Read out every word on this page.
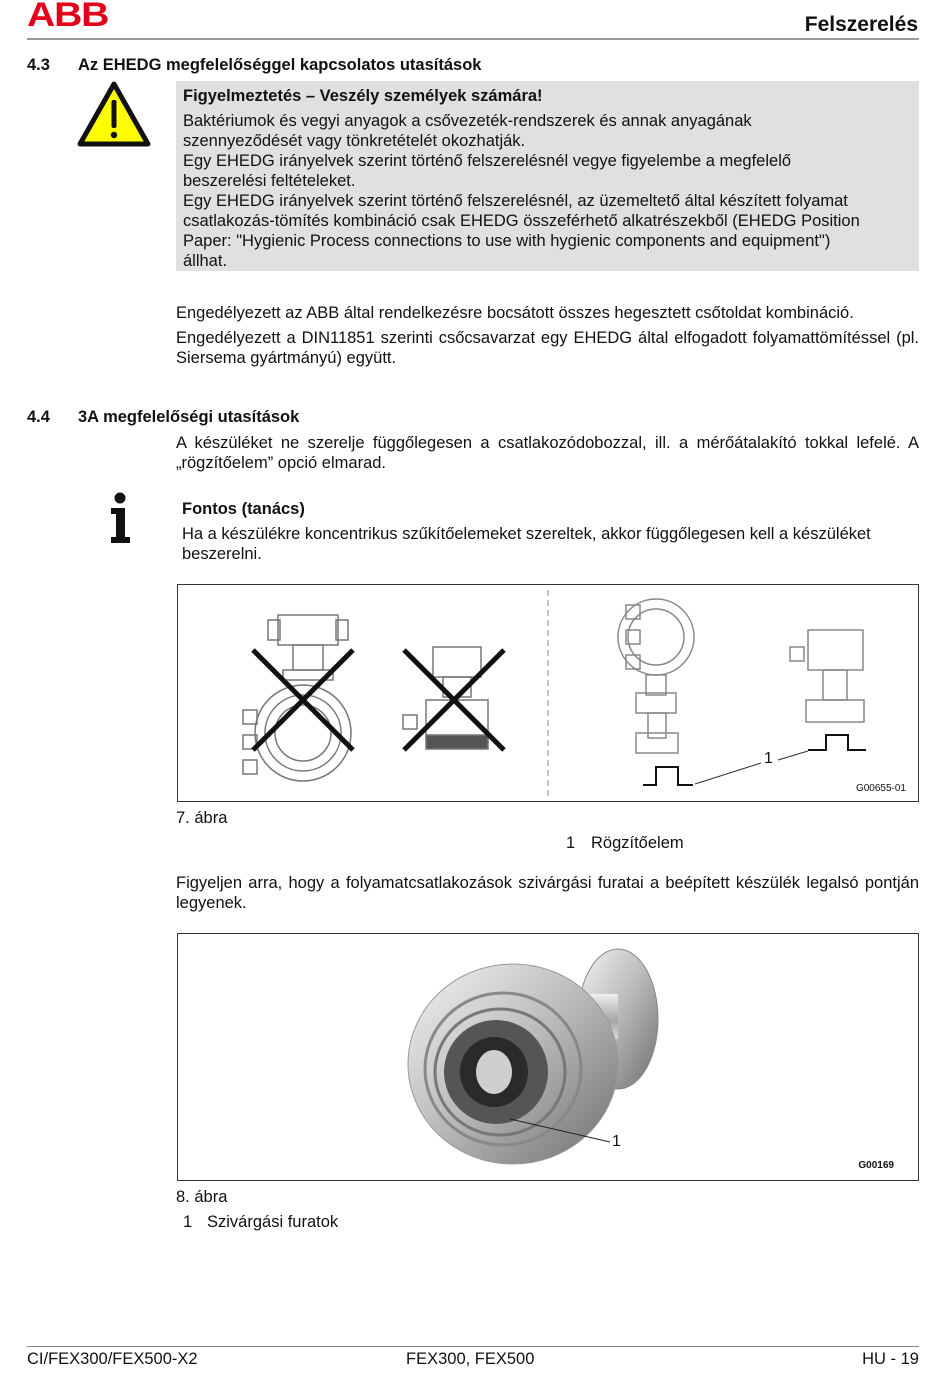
ABB	Felszerelés
4.3 Az EHEDG megfelelőséggel kapcsolatos utasítások
Figyelmeztetés – Veszély személyek számára!
Baktériumok és vegyi anyagok a csővezeték-rendszerek és annak anyagának
szennyeződését vagy tönkretételét okozhatják.
Egy EHEDG irányelvek szerint történő felszerelésnél vegye figyelembe a megfelelő
beszerelési feltételeket.
Egy EHEDG irányelvek szerint történő felszerelésnél, az üzemeltető által készített folyamat
csatlakozás-tömítés kombináció csak EHEDG összeférhető alkatrészekből (EHEDG Position
Paper: "Hygienic Process connections to use with hygienic components and equipment")
állhat.
Engedélyezett az ABB által rendelkezésre bocsátott összes hegesztett csőtoldat kombináció.
Engedélyezett a DIN11851 szerinti csőcsavarzat egy EHEDG által elfogadott folyamattömítéssel (pl. Siersema gyártmányú) együtt.
4.4 3A megfelelőségi utasítások
A készüléket ne szerelje függőlegesen a csatlakozódobozzal, ill. a mérőátalakító tokkal lefelé. A „rögzítőelem” opció elmarad.
Fontos (tanács)
Ha a készülékre koncentrikus szűkítőelemeket szereltek, akkor függőlegesen kell a készüléket beszerelni.
1
G00655-01
7. ábra
1 Rögzítőelem
Figyeljen arra, hogy a folyamatcsatlakozások szivárgási furatai a beépített készülék legalsó pontján legyenek.
1
G00169
8. ábra
1 Szivárgási furatok
CI/FEX300/FEX500-X2	FEX300, FEX500	HU - 19
